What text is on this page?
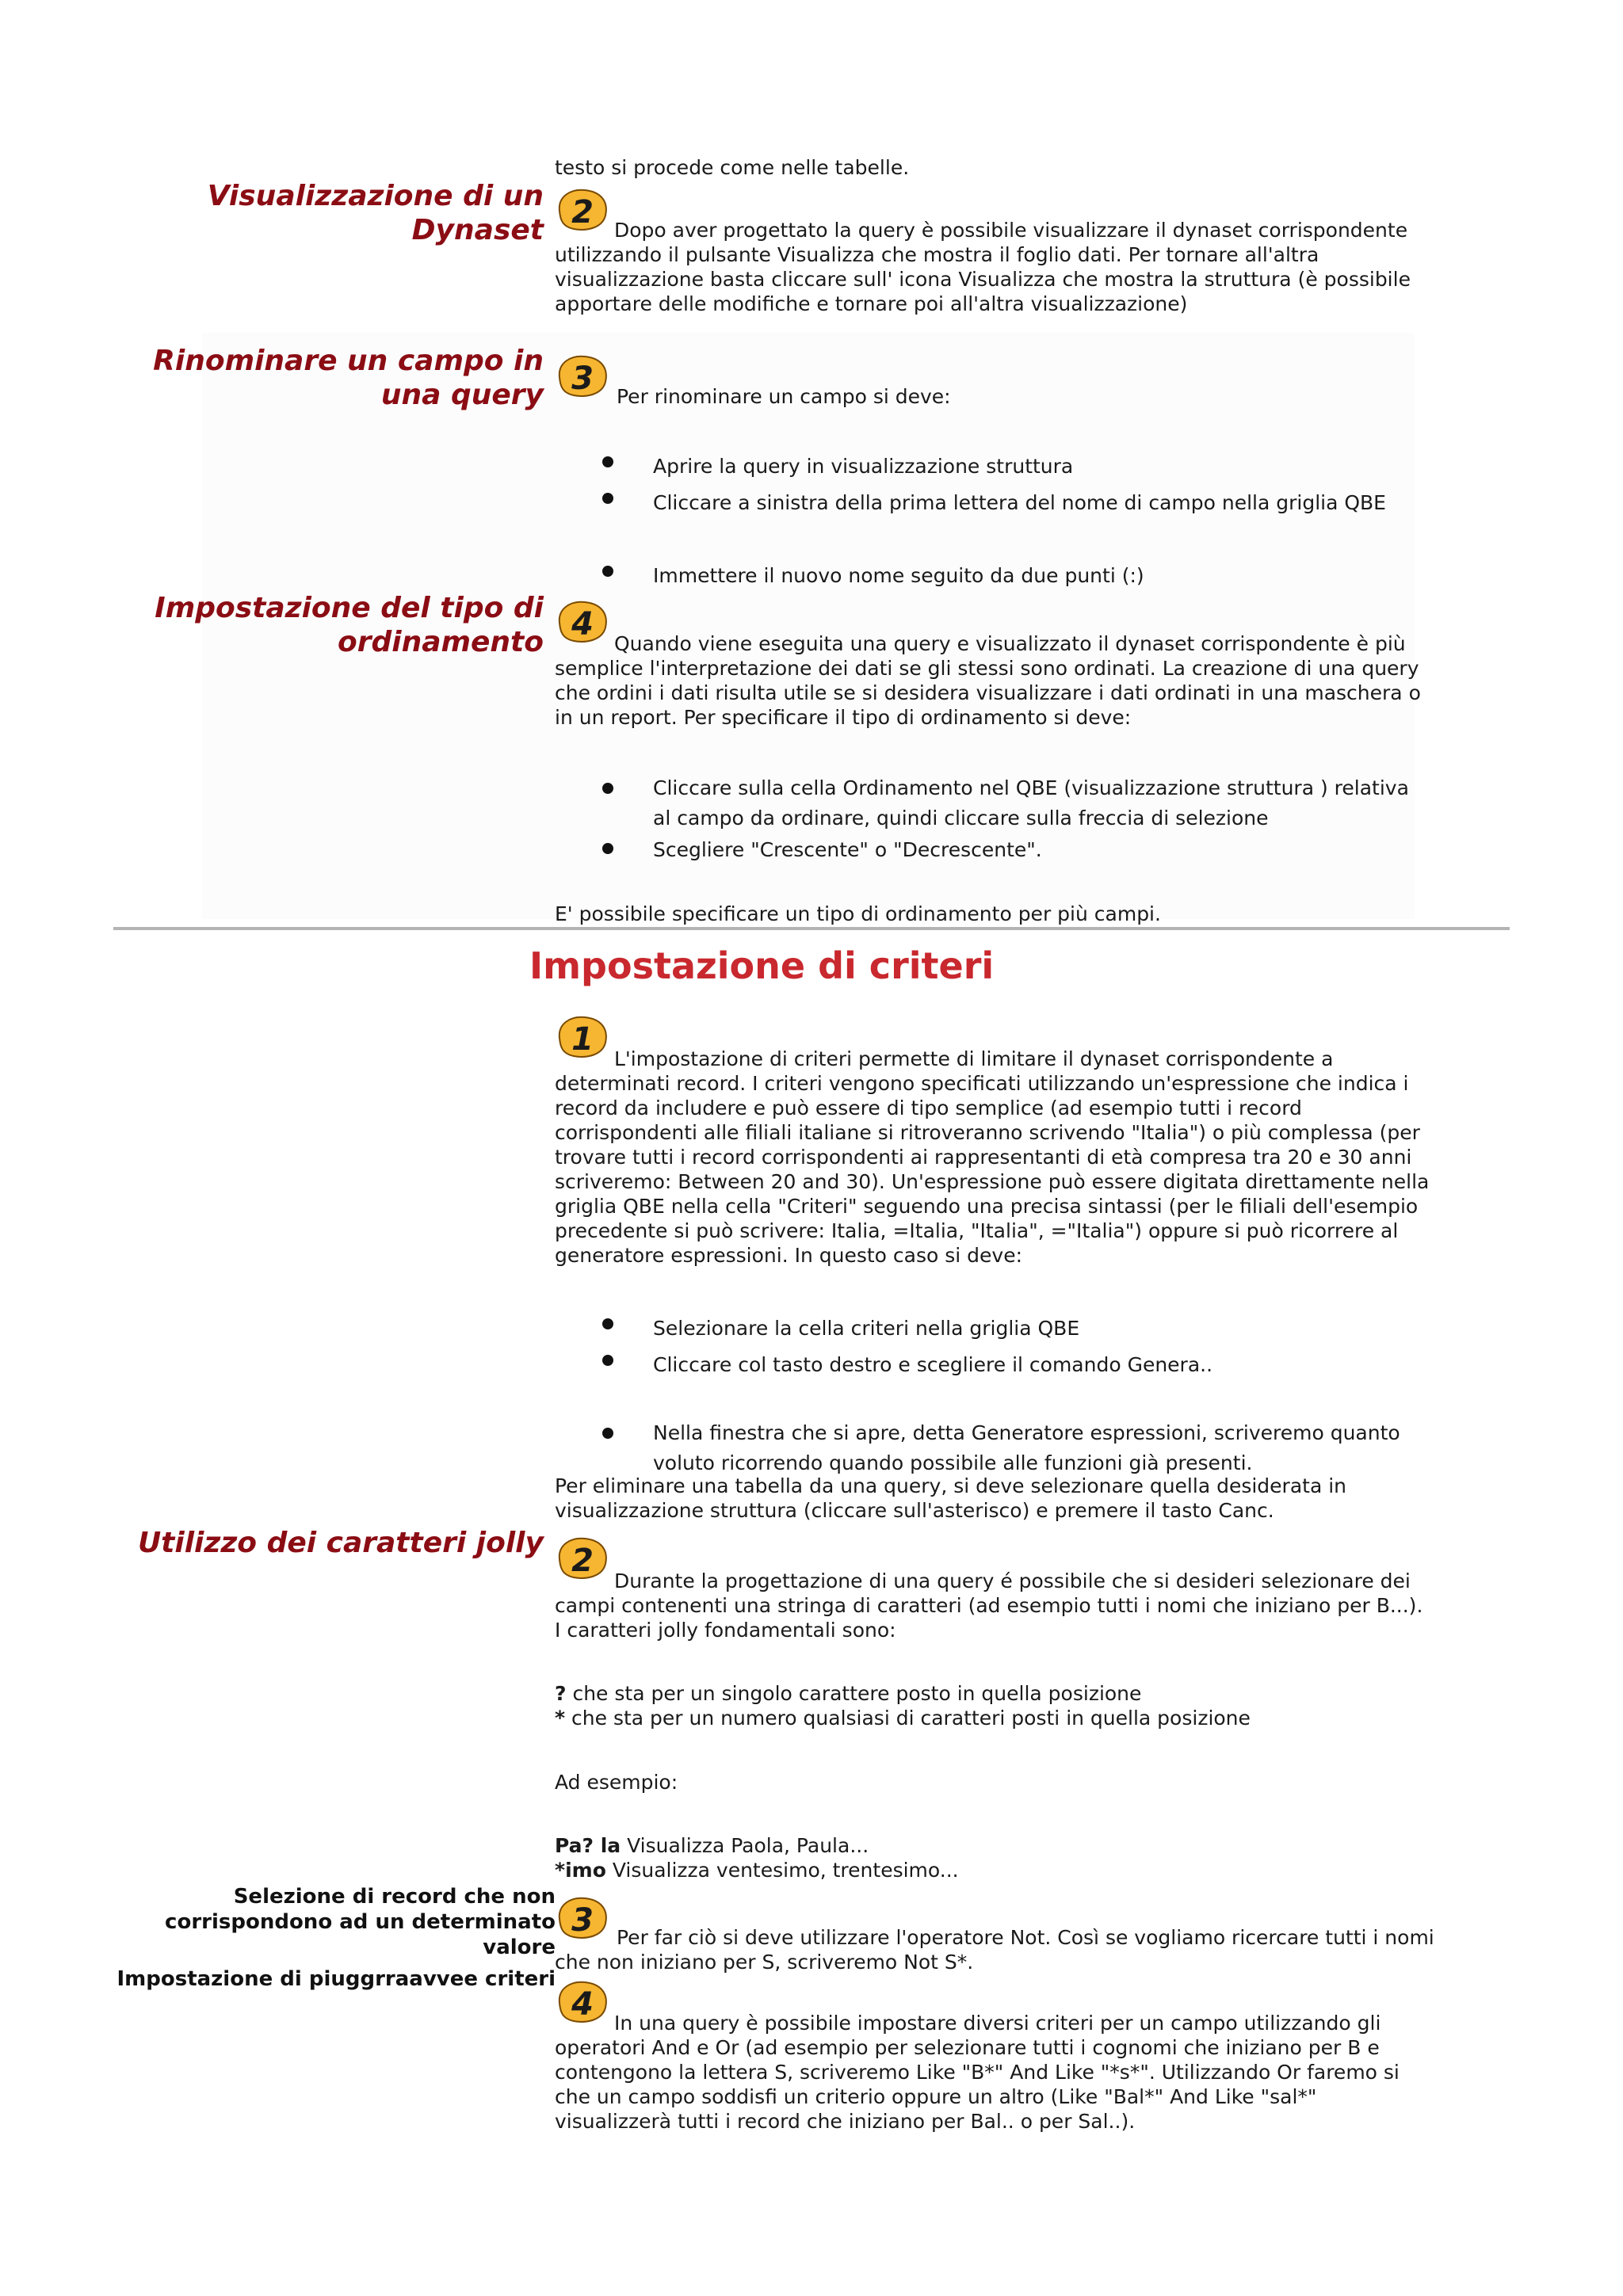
testo si procede come nelle tabelle.

Visualizzazione di un Dynaset 2	Dopo aver progettato la query è possibile visualizzare il dynaset corrispondente utilizzando il pulsante Visualizza che mostra il foglio dati. Per tornare all'altra visualizzazione basta cliccare sull' icona Visualizza che mostra la struttura (è possibile apportare delle modifiche e tornare poi all'altra visualizzazione)

Rinominare un campo in una query 3	Per rinominare un campo si deve:

Aprire la query in visualizzazione struttura
Cliccare a sinistra della prima lettera del nome di campo nella griglia QBE
Immettere il nuovo nome seguito da due punti (:)
Impostazione del tipo di ordinamento 4

Quando viene eseguita una query e visualizzato il dynaset corrispondente è più semplice l'interpretazione dei dati se gli stessi sono ordinati. La creazione di una query che ordini i dati risulta utile se si desidera visualizzare i dati ordinati in una maschera o in un report. Per specificare il tipo di ordinamento si deve:

Cliccare sulla cella Ordinamento nel QBE (visualizzazione struttura ) relativa al campo da ordinare, quindi cliccare sulla freccia di selezione
Scegliere "Crescente" o "Decrescente".

E' possibile specificare un tipo di ordinamento per più campi.

Impostazione di criteri
1

L'impostazione di criteri permette di limitare il dynaset corrispondente a determinati record. I criteri vengono specificati utilizzando un'espressione che indica i record da includere e può essere di tipo semplice (ad esempio tutti i record corrispondenti alle filiali italiane si ritroveranno scrivendo "Italia") o più complessa (per trovare tutti i record corrispondenti ai rappresentanti di età compresa tra 20 e 30 anni scriveremo: Between 20 and 30). Un'espressione può essere digitata direttamente nella griglia QBE nella cella "Criteri" seguendo una precisa sintassi (per le filiali dell'esempio precedente si può scrivere: Italia, =Italia, "Italia", ="Italia") oppure si può ricorrere al generatore espressioni. In questo caso si deve:

Selezionare la cella criteri nella griglia QBE
Cliccare col tasto destro e scegliere il comando Genera..
Nella finestra che si apre, detta Generatore espressioni, scriveremo quanto voluto ricorrendo quando possibile alle funzioni già presenti.

Per eliminare una tabella da una query, si deve selezionare quella desiderata in visualizzazione struttura (cliccare sull'asterisco) e premere il tasto Canc.

Utilizzo dei caratteri jolly 2

Durante la progettazione di una query é possibile che si desideri selezionare dei campi contenenti una stringa di caratteri (ad esempio tutti i nomi che iniziano per B...). I caratteri jolly fondamentali sono:

? che sta per un singolo carattere posto in quella posizione

* che sta per un numero qualsiasi di caratteri posti in quella posizione

Ad esempio:

Pa? la Visualizza Paola, Paula...

*imo Visualizza ventesimo, trentesimo...

Selezione di record che non corrispondono ad un determinato valore
3	Per far ciò si deve utilizzare l'operatore Not. Così se vogliamo ricercare tutti i nomi che non iniziano per S, scriveremo Not S*.

Impostazione di piuggrraavvee criteri
4

In una query è possibile impostare diversi criteri per un campo utilizzando gli operatori And e Or (ad esempio per selezionare tutti i cognomi che iniziano per B e contengono la lettera S, scriveremo Like "B*" And Like "*s*". Utilizzando Or faremo si che un campo soddisfi un criterio oppure un altro (Like "Bal*" And Like "sal*" visualizzerà tutti i record che iniziano per Bal.. o per Sal..).
